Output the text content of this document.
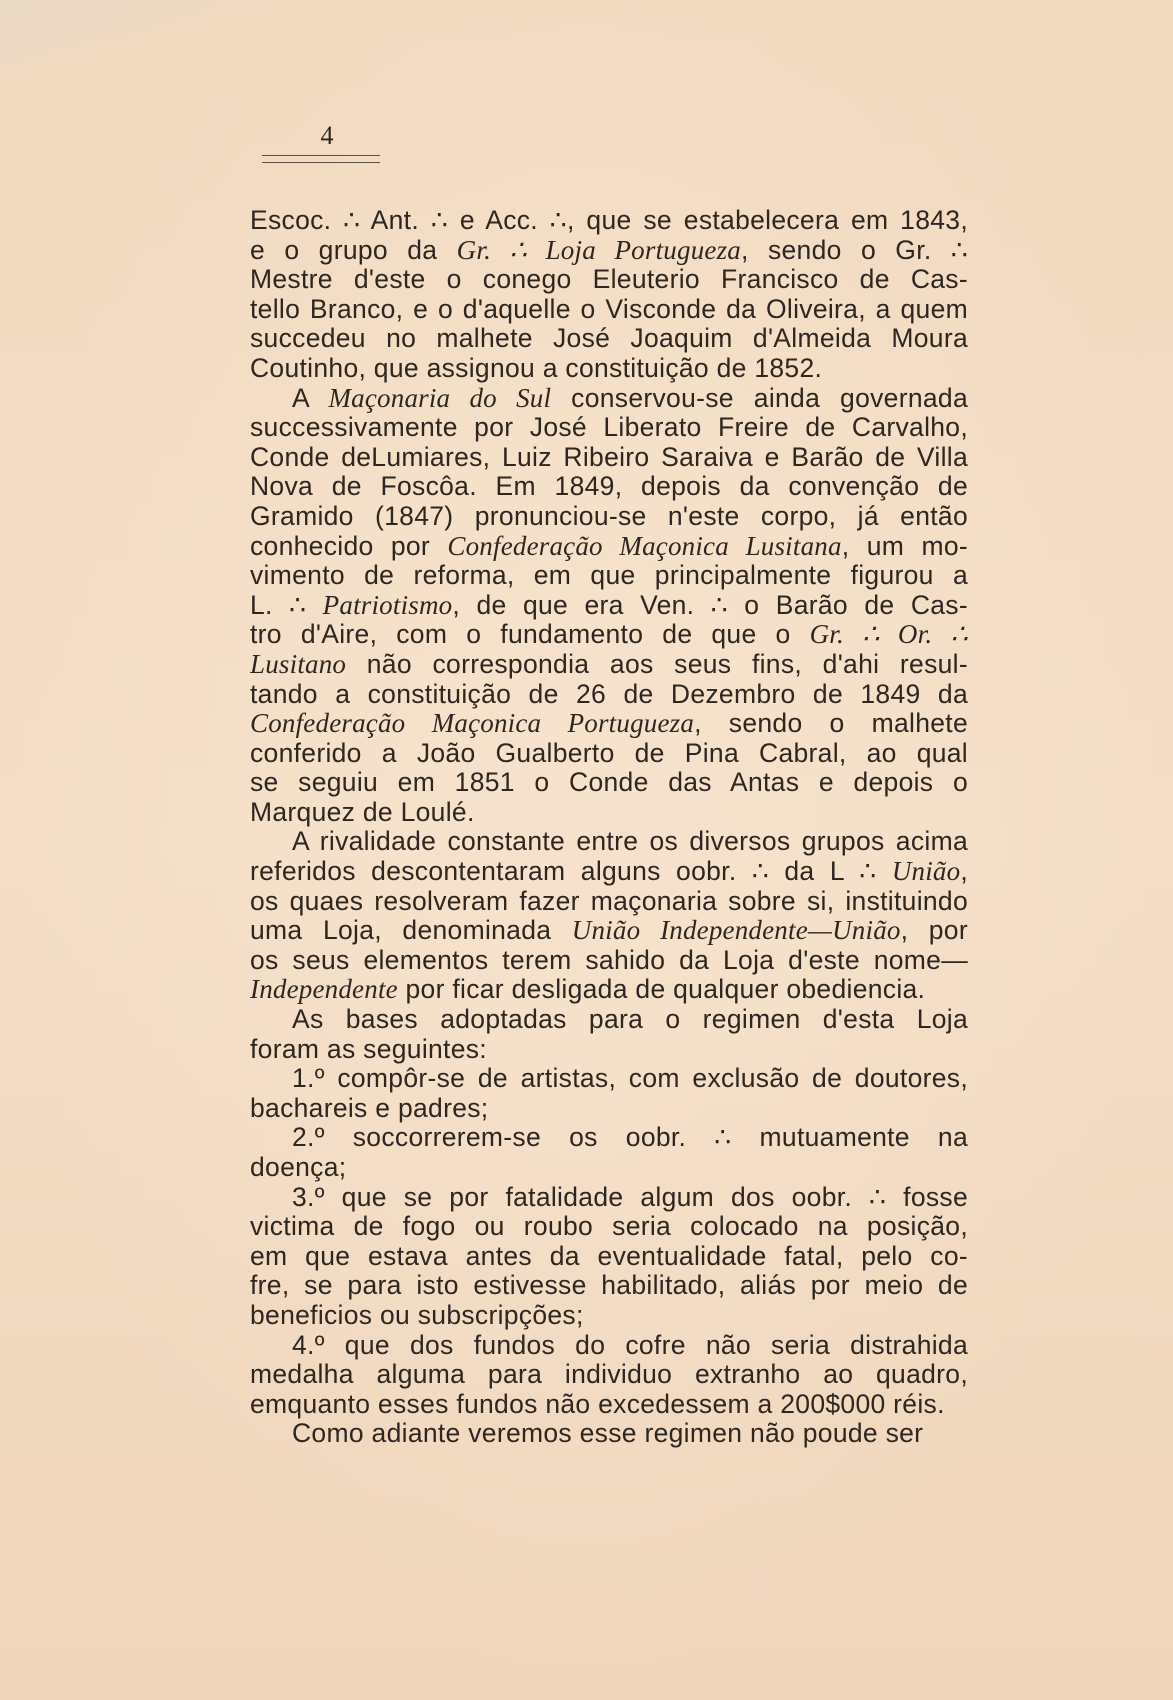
4
Escoc. ∴ Ant. ∴ e Acc. ∴, que se estabelecera em 1843,
e o grupo da Gr. ∴ Loja Portugueza, sendo o Gr. ∴
Mestre d'este o conego Eleuterio Francisco de Cas-
tello Branco, e o d'aquelle o Visconde da Oliveira, a quem
succedeu no malhete José Joaquim d'Almeida Moura
Coutinho, que assignou a constituição de 1852.
A Maçonaria do Sul conservou-se ainda governada
successivamente por José Liberato Freire de Carvalho,
Conde deLumiares, Luiz Ribeiro Saraiva e Barão de Villa
Nova de Foscôa. Em 1849, depois da convenção de
Gramido (1847) pronunciou-se n'este corpo, já então
conhecido por Confederação Maçonica Lusitana, um mo-
vimento de reforma, em que principalmente figurou a
L. ∴ Patriotismo, de que era Ven. ∴ o Barão de Cas-
tro d'Aire, com o fundamento de que o Gr. ∴ Or. ∴
Lusitano não correspondia aos seus fins, d'ahi resul-
tando a constituição de 26 de Dezembro de 1849 da
Confederação Maçonica Portugueza, sendo o malhete
conferido a João Gualberto de Pina Cabral, ao qual
se seguiu em 1851 o Conde das Antas e depois o
Marquez de Loulé.
A rivalidade constante entre os diversos grupos acima
referidos descontentaram alguns oobr. ∴ da L ∴ União,
os quaes resolveram fazer maçonaria sobre si, instituindo
uma Loja, denominada União Independente—União, por
os seus elementos terem sahido da Loja d'este nome—
Independente por ficar desligada de qualquer obediencia.
As bases adoptadas para o regimen d'esta Loja
foram as seguintes:
1.º compôr-se de artistas, com exclusão de doutores,
bachareis e padres;
2.º soccorrerem-se os oobr. ∴ mutuamente na
doença;
3.º que se por fatalidade algum dos oobr. ∴ fosse
victima de fogo ou roubo seria colocado na posição,
em que estava antes da eventualidade fatal, pelo co-
fre, se para isto estivesse habilitado, aliás por meio de
beneficios ou subscripções;
4.º que dos fundos do cofre não seria distrahida
medalha alguma para individuo extranho ao quadro,
emquanto esses fundos não excedessem a 200$000 réis.
Como adiante veremos esse regimen não poude ser
